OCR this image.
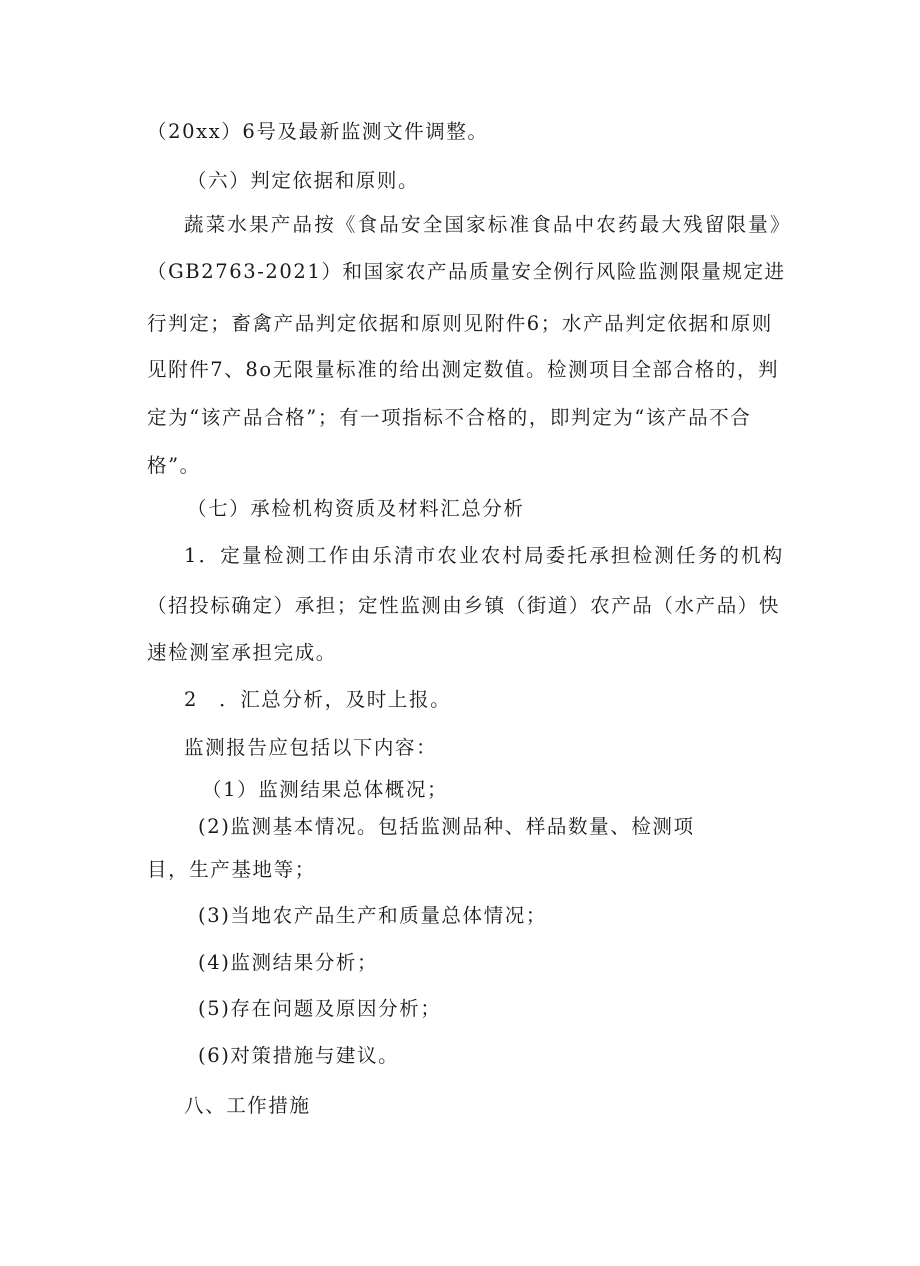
（20xx）6号及最新监测文件调整。
（六）判定依据和原则。
蔬菜水果产品按《食品安全国家标准食品中农药最大残留限量》
（GB2763-2021）和国家农产品质量安全例行风险监测限量规定进
行判定；畜禽产品判定依据和原则见附件6；水产品判定依据和原则
见附件7、8o无限量标准的给出测定数值。检测项目全部合格的，判
定为“该产品合格”；有一项指标不合格的，即判定为“该产品不合
格”。
（七）承检机构资质及材料汇总分析
1．定量检测工作由乐清市农业农村局委托承担检测任务的机构
（招投标确定）承担；定性监测由乡镇（街道）农产品（水产品）快
速检测室承担完成。
2　．汇总分析，及时上报。
监测报告应包括以下内容：
（1）监测结果总体概况；
(2)监测基本情况。包括监测品种、样品数量、检测项
目，生产基地等；
(3)当地农产品生产和质量总体情况；
(4)监测结果分析；
(5)存在问题及原因分析；
(6)对策措施与建议。
八、工作措施
